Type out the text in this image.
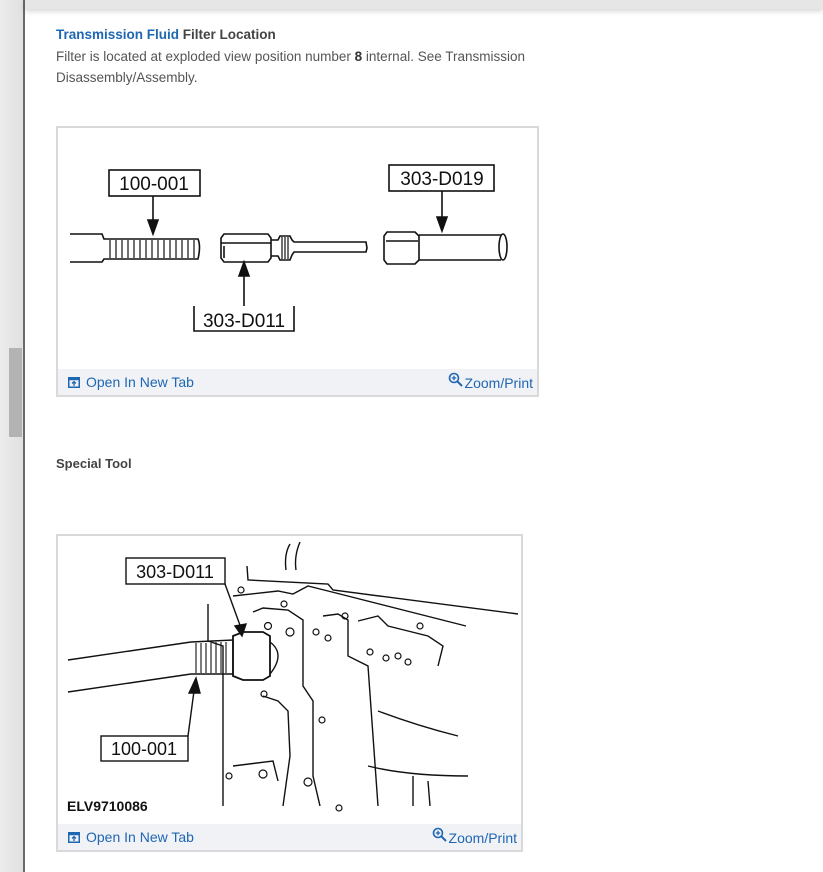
Transmission Fluid Filter Location
Filter is located at exploded view position number 8 internal. See Transmission Disassembly/Assembly.
100-001	303-D019
303-D011
Open In New Tab	Zoom/Print
Special Tool
303-D011
100-001
ELV9710086
Open In New Tab	Zoom/Print
